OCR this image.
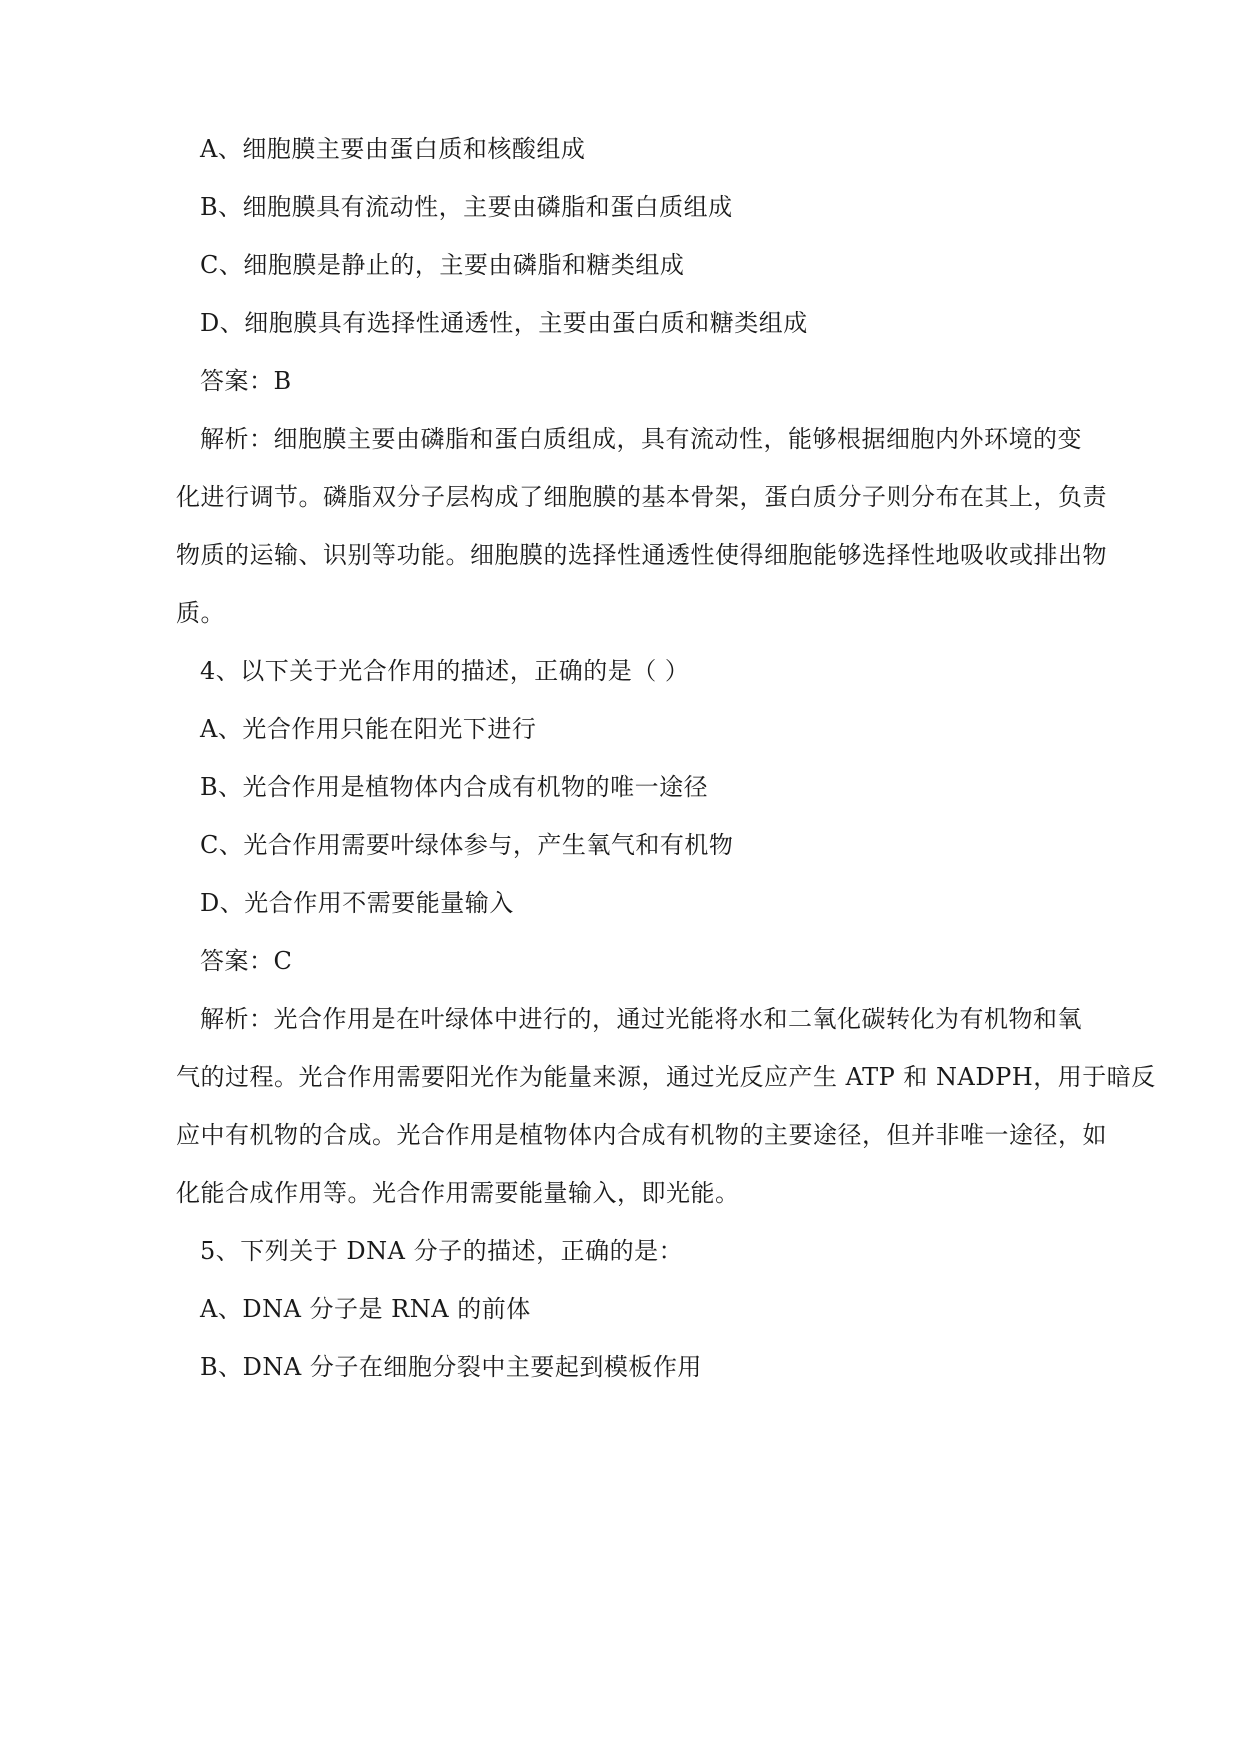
A、细胞膜主要由蛋白质和核酸组成
B、细胞膜具有流动性，主要由磷脂和蛋白质组成
C、细胞膜是静止的，主要由磷脂和糖类组成
D、细胞膜具有选择性通透性，主要由蛋白质和糖类组成
答案：B
解析：细胞膜主要由磷脂和蛋白质组成，具有流动性，能够根据细胞内外环境的变
化进行调节。磷脂双分子层构成了细胞膜的基本骨架，蛋白质分子则分布在其上，负责
物质的运输、识别等功能。细胞膜的选择性通透性使得细胞能够选择性地吸收或排出物
质。
4、以下关于光合作用的描述，正确的是（ ）
A、光合作用只能在阳光下进行
B、光合作用是植物体内合成有机物的唯一途径
C、光合作用需要叶绿体参与，产生氧气和有机物
D、光合作用不需要能量输入
答案：C
解析：光合作用是在叶绿体中进行的，通过光能将水和二氧化碳转化为有机物和氧
气的过程。光合作用需要阳光作为能量来源，通过光反应产生 ATP 和 NADPH，用于暗反
应中有机物的合成。光合作用是植物体内合成有机物的主要途径，但并非唯一途径，如
化能合成作用等。光合作用需要能量输入，即光能。
5、下列关于 DNA 分子的描述，正确的是：
A、DNA 分子是 RNA 的前体
B、DNA 分子在细胞分裂中主要起到模板作用
